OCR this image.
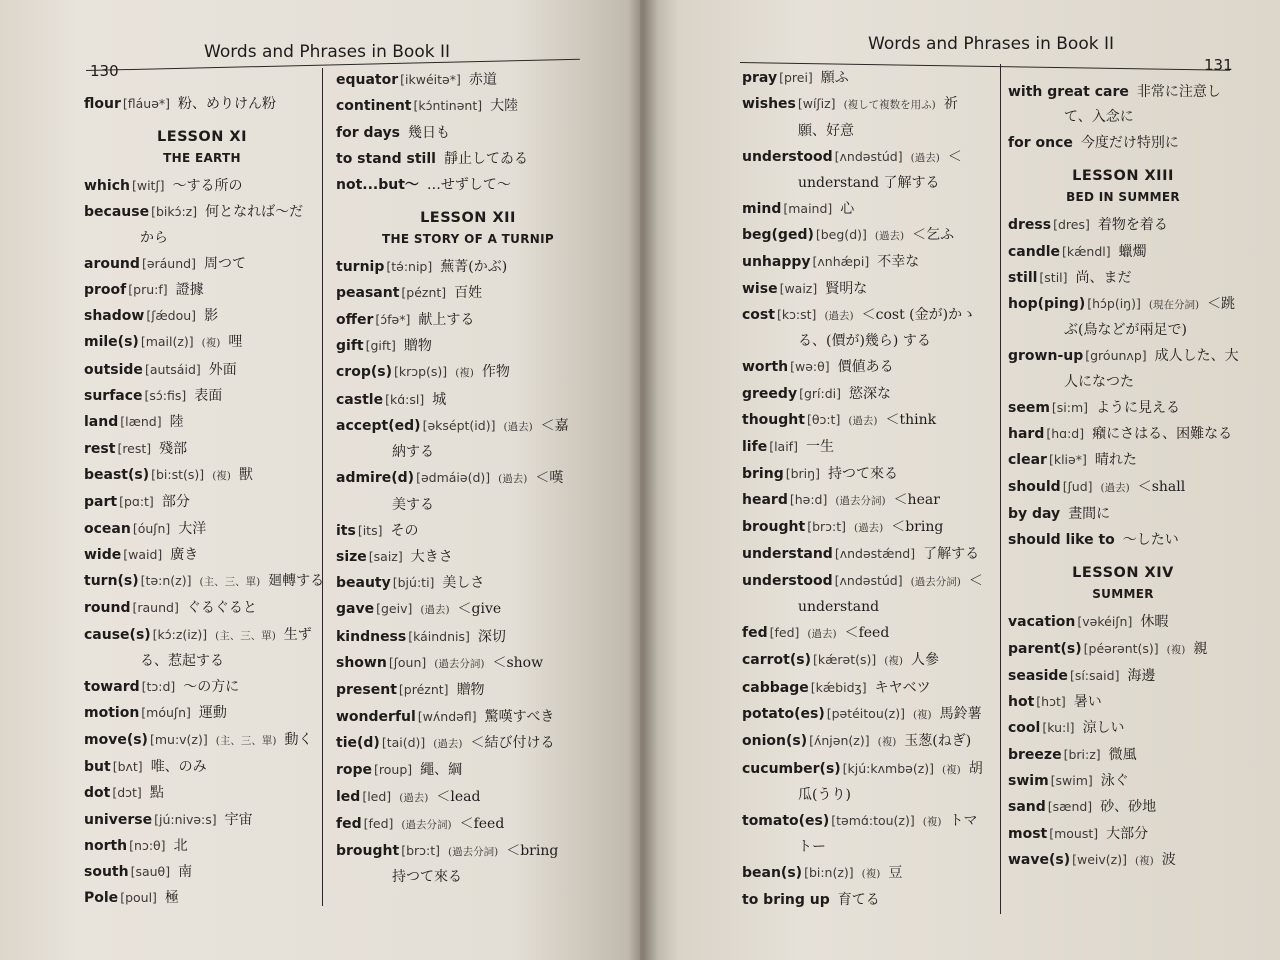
130
Words and Phrases in Book II
flour [fláuə*] 粉、めりけん粉
LESSON XI
THE EARTH
which [witʃ] ～する所の
because [bikɔ́:z] 何となれば～だ
から
around [əráund] 周つて
proof [pru:f] 證據
shadow [ʃǽdou] 影
mile(s) [mail(z)] (複) 哩
outside [autsáid] 外面
surface [sɔ́:fis] 表面
land [lænd] 陸
rest [rest] 殘部
beast(s) [bi:st(s)] (複) 獸
part [pɑ:t] 部分
ocean [óuʃn] 大洋
wide [waid] 廣き
turn(s) [tə:n(z)] (主、三、單) 廻轉する
round [raund] ぐるぐると
cause(s) [kɔ́:z(iz)] (主、三、單) 生ず
る、惹起する
toward [tɔ:d] ～の方に
motion [móuʃn] 運動
move(s) [mu:v(z)] (主、三、單) 動く
but [bʌt] 唯、のみ
dot [dɔt] 點
universe [jú:nivə:s] 宇宙
north [nɔ:θ] 北
south [sauθ] 南
Pole [poul] 極
equator [ikwéitə*] 赤道
continent [kɔ́ntinənt] 大陸
for days 幾日も
to stand still 靜止してゐる
not...but～ …せずして～
LESSON XII
THE STORY OF A TURNIP
turnip [tə́:nip] 蕪菁(かぶ)
peasant [péznt] 百姓
offer [ɔ́fə*] 献上する
gift [gift] 贈物
crop(s) [krɔp(s)] (複) 作物
castle [kɑ́:sl] 城
accept(ed) [əksépt(id)] (過去) ＜嘉
納する
admire(d) [ədmáiə(d)] (過去) ＜嘆
美する
its [its] その
size [saiz] 大きさ
beauty [bjú:ti] 美しさ
gave [geiv] (過去) ＜give
kindness [káindnis] 深切
shown [ʃoun] (過去分詞) ＜show
present [préznt] 贈物
wonderful [wʌ́ndəfl] 驚嘆すべき
tie(d) [tai(d)] (過去) ＜結び付ける
rope [roup] 繩、綱
led [led] (過去) ＜lead
fed [fed] (過去分詞) ＜feed
brought [brɔ:t] (過去分詞) ＜bring
持つて來る
Words and Phrases in Book II
131
pray [prei] 願ふ
wishes [wíʃiz] (複して複数を用ふ) 祈
願、好意
understood [ʌndəstúd] (過去) ＜
understand 了解する
mind [maind] 心
beg(ged) [beg(d)] (過去) ＜乞ふ
unhappy [ʌnhǽpi] 不幸な
wise [waiz] 賢明な
cost [kɔ:st] (過去) ＜cost (金が)かゝ
る、(價が)幾ら) する
worth [wə:θ] 價値ある
greedy [grí:di] 慾深な
thought [θɔ:t] (過去) ＜think
life [laif] 一生
bring [briŋ] 持つて來る
heard [hə:d] (過去分詞) ＜hear
brought [brɔ:t] (過去) ＜bring
understand [ʌndəstǽnd] 了解する
understood [ʌndəstúd] (過去分詞) ＜
understand
fed [fed] (過去) ＜feed
carrot(s) [kǽrət(s)] (複) 人參
cabbage [kǽbidʒ] キヤベツ
potato(es) [pətéitou(z)] (複) 馬鈴薯
onion(s) [ʌ́njən(z)] (複) 玉葱(ねぎ)
cucumber(s) [kjú:kʌmbə(z)] (複) 胡
瓜(うり)
tomato(es) [təmɑ́:tou(z)] (複) トマ
トー
bean(s) [bi:n(z)] (複) 豆
to bring up 育てる
with great care 非常に注意し
て、入念に
for once 今度だけ特別に
LESSON XIII
BED IN SUMMER
dress [dres] 着物を着る
candle [kǽndl] 蠟燭
still [stil] 尚、まだ
hop(ping) [hɔ́p(iŋ)] (現在分詞) ＜跳
ぶ(鳥などが兩足で)
grown-up [gróunʌp] 成人した、大
人になつた
seem [si:m] ように見える
hard [hɑ:d] 癪にさはる、困難なる
clear [kliə*] 晴れた
should [ʃud] (過去) ＜shall
by day 晝間に
should like to ～したい
LESSON XIV
SUMMER
vacation [vəkéiʃn] 休暇
parent(s) [péərənt(s)] (複) 親
seaside [sí:said] 海邊
hot [hɔt] 暑い
cool [ku:l] 涼しい
breeze [bri:z] 微風
swim [swim] 泳ぐ
sand [sænd] 砂、砂地
most [moust] 大部分
wave(s) [weiv(z)] (複) 波
